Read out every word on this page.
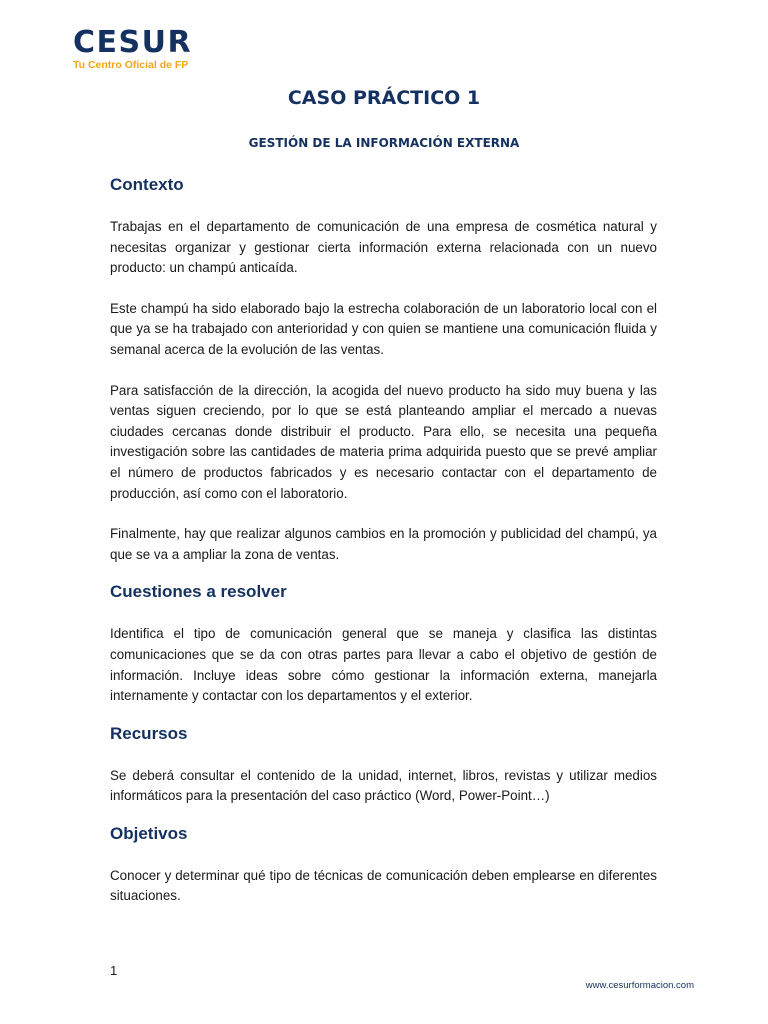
CESUR
Tu Centro Oficial de FP
CASO PRÁCTICO 1
GESTIÓN DE LA INFORMACIÓN EXTERNA
Contexto

Trabajas en el departamento de comunicación de una empresa de cosmética natural y necesitas organizar y gestionar cierta información externa relacionada con un nuevo producto: un champú anticaída.

Este champú ha sido elaborado bajo la estrecha colaboración de un laboratorio local con el que ya se ha trabajado con anterioridad y con quien se mantiene una comunicación fluida y semanal acerca de la evolución de las ventas.

Para satisfacción de la dirección, la acogida del nuevo producto ha sido muy buena y las ventas siguen creciendo, por lo que se está planteando ampliar el mercado a nuevas ciudades cercanas donde distribuir el producto. Para ello, se necesita una pequeña investigación sobre las cantidades de materia prima adquirida puesto que se prevé ampliar el número de productos fabricados y es necesario contactar con el departamento de producción, así como con el laboratorio.

Finalmente, hay que realizar algunos cambios en la promoción y publicidad del champú, ya que se va a ampliar la zona de ventas.

Cuestiones a resolver

Identifica el tipo de comunicación general que se maneja y clasifica las distintas comunicaciones que se da con otras partes para llevar a cabo el objetivo de gestión de información. Incluye ideas sobre cómo gestionar la información externa, manejarla internamente y contactar con los departamentos y el exterior.

Recursos

Se deberá consultar el contenido de la unidad, internet, libros, revistas y utilizar medios informáticos para la presentación del caso práctico (Word, Power-Point…)

Objetivos

Conocer y determinar qué tipo de técnicas de comunicación deben emplearse en diferentes situaciones.

1
www.cesurformacion.com
